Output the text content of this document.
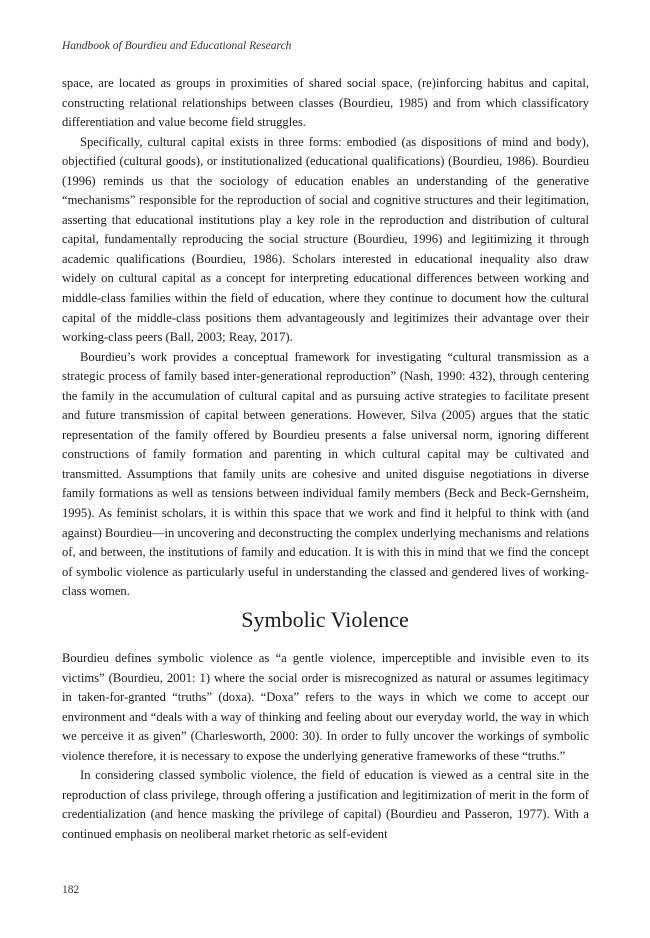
Handbook of Bourdieu and Educational Research

space, are located as groups in proximities of shared social space, (re)inforcing habitus and capital, constructing relational relationships between classes (Bourdieu, 1985) and from which classificatory differentiation and value become field struggles.

Specifically, cultural capital exists in three forms: embodied (as dispositions of mind and body), objectified (cultural goods), or institutionalized (educational qualifications) (Bourdieu, 1986). Bourdieu (1996) reminds us that the sociology of education enables an understanding of the generative “mechanisms” responsible for the reproduction of social and cognitive structures and their legitimation, asserting that educational institutions play a key role in the reproduction and distribution of cultural capital, fundamentally reproducing the social structure (Bourdieu, 1996) and legitimizing it through academic qualifications (Bourdieu, 1986). Scholars interested in educational inequality also draw widely on cultural capital as a concept for interpreting educational differences between working and middle-class families within the field of education, where they continue to document how the cultural capital of the middle-class positions them advantageously and legitimizes their advantage over their working-class peers (Ball, 2003; Reay, 2017).

Bourdieu’s work provides a conceptual framework for investigating “cultural transmission as a strategic process of family based inter-generational reproduction” (Nash, 1990: 432), through centering the family in the accumulation of cultural capital and as pursuing active strategies to facilitate present and future transmission of capital between generations. However, Silva (2005) argues that the static representation of the family offered by Bourdieu presents a false universal norm, ignoring different constructions of family formation and parenting in which cultural capital may be cultivated and transmitted. Assumptions that family units are cohesive and united disguise negotiations in diverse family formations as well as tensions between individual family members (Beck and Beck-Gernsheim, 1995). As feminist scholars, it is within this space that we work and find it helpful to think with (and against) Bourdieu—in uncovering and deconstructing the complex underlying mechanisms and relations of, and between, the institutions of family and education. It is with this in mind that we find the concept of symbolic violence as particularly useful in understanding the classed and gendered lives of working-class women.

Symbolic Violence

Bourdieu defines symbolic violence as “a gentle violence, imperceptible and invisible even to its victims” (Bourdieu, 2001: 1) where the social order is misrecognized as natural or assumes legitimacy in taken-for-granted “truths” (doxa). “Doxa” refers to the ways in which we come to accept our environment and “deals with a way of thinking and feeling about our everyday world, the way in which we perceive it as given” (Charlesworth, 2000: 30). In order to fully uncover the workings of symbolic violence therefore, it is necessary to expose the underlying generative frameworks of these “truths.”

In considering classed symbolic violence, the field of education is viewed as a central site in the reproduction of class privilege, through offering a justification and legitimization of merit in the form of credentialization (and hence masking the privilege of capital) (Bourdieu and Passeron, 1977). With a continued emphasis on neoliberal market rhetoric as self-evident

182
